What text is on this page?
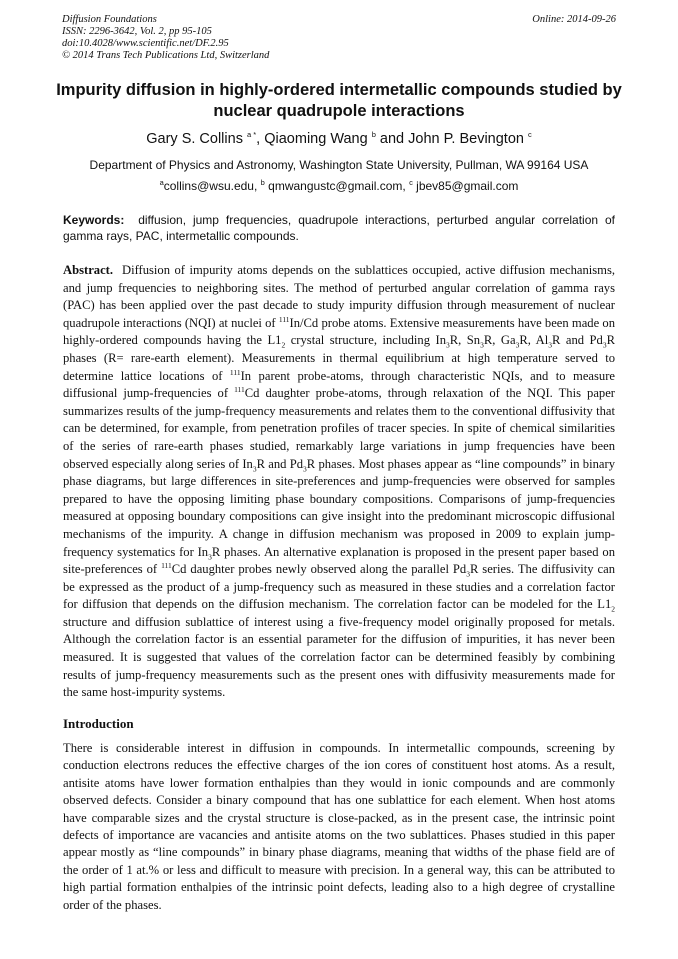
Diffusion Foundations
ISSN: 2296-3642, Vol. 2, pp 95-105
doi:10.4028/www.scientific.net/DF.2.95
© 2014 Trans Tech Publications Ltd, Switzerland
Online: 2014-09-26
Impurity diffusion in highly-ordered intermetallic compounds studied by nuclear quadrupole interactions
Gary S. Collins $^{a *}$, Qiaoming Wang $^b$ and John P. Bevington $^c$
Department of Physics and Astronomy, Washington State University, Pullman, WA 99164 USA
$^a$collins@wsu.edu, $^b$ qmwangustc@gmail.com, $^c$ jbev85@gmail.com
Keywords: diffusion, jump frequencies, quadrupole interactions, perturbed angular correlation of gamma rays, PAC, intermetallic compounds.
Abstract. Diffusion of impurity atoms depends on the sublattices occupied, active diffusion mechanisms, and jump frequencies to neighboring sites. The method of perturbed angular correlation of gamma rays (PAC) has been applied over the past decade to study impurity diffusion through measurement of nuclear quadrupole interactions (NQI) at nuclei of $^{111}$In/Cd probe atoms. Extensive measurements have been made on highly-ordered compounds having the $L1_2$ crystal structure, including $In_3R$, $Sn_3R$, $Ga_3R$, $Al_3R$ and $Pd_3R$ phases (R= rare-earth element). Measurements in thermal equilibrium at high temperature served to determine lattice locations of $^{111}$In parent probe-atoms, through characteristic NQIs, and to measure diffusional jump-frequencies of $^{111}$Cd daughter probe-atoms, through relaxation of the NQI. This paper summarizes results of the jump-frequency measurements and relates them to the conventional diffusivity that can be determined, for example, from penetration profiles of tracer species. In spite of chemical similarities of the series of rare-earth phases studied, remarkably large variations in jump frequencies have been observed especially along series of $In_3R$ and $Pd_3R$ phases. Most phases appear as “line compounds” in binary phase diagrams, but large differences in site-preferences and jump-frequencies were observed for samples prepared to have the opposing limiting phase boundary compositions. Comparisons of jump-frequencies measured at opposing boundary compositions can give insight into the predominant microscopic diffusional mechanisms of the impurity. A change in diffusion mechanism was proposed in 2009 to explain jump-frequency systematics for $In_3R$ phases. An alternative explanation is proposed in the present paper based on site-preferences of $^{111}$Cd daughter probes newly observed along the parallel $Pd_3R$ series. The diffusivity can be expressed as the product of a jump-frequency such as measured in these studies and a correlation factor for diffusion that depends on the diffusion mechanism. The correlation factor can be modeled for the $L1_2$ structure and diffusion sublattice of interest using a five-frequency model originally proposed for metals. Although the correlation factor is an essential parameter for the diffusion of impurities, it has never been measured. It is suggested that values of the correlation factor can be determined feasibly by combining results of jump-frequency measurements such as the present ones with diffusivity measurements made for the same host-impurity systems.
Introduction
There is considerable interest in diffusion in compounds. In intermetallic compounds, screening by conduction electrons reduces the effective charges of the ion cores of constituent host atoms. As a result, antisite atoms have lower formation enthalpies than they would in ionic compounds and are commonly observed defects. Consider a binary compound that has one sublattice for each element. When host atoms have comparable sizes and the crystal structure is close-packed, as in the present case, the intrinsic point defects of importance are vacancies and antisite atoms on the two sublattices. Phases studied in this paper appear mostly as “line compounds” in binary phase diagrams, meaning that widths of the phase field are of the order of 1 at.% or less and difficult to measure with precision. In a general way, this can be attributed to high partial formation enthalpies of the intrinsic point defects, leading also to a high degree of crystalline order of the phases.
